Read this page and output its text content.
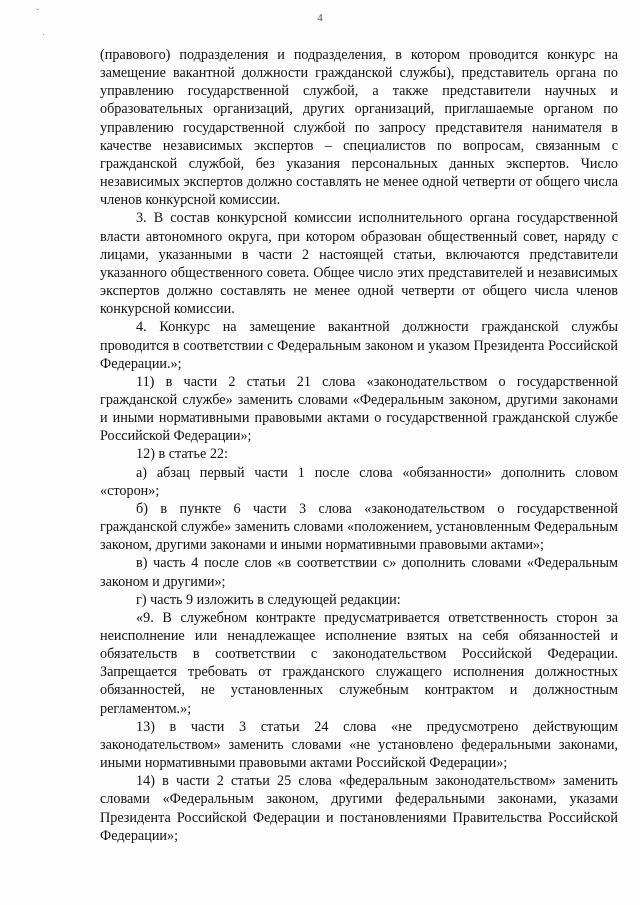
ˇ
·
4

(правового) подразделения и подразделения, в котором проводится конкурс на замещение вакантной должности гражданской службы), представитель органа по управлению государственной службой, а также представители научных и образовательных организаций, других организаций, приглашаемые органом по управлению государственной службой по запросу представителя нанимателя в качестве независимых экспертов – специалистов по вопросам, связанным с гражданской службой, без указания персональных данных экспертов. Число независимых экспертов должно составлять не менее одной четверти от общего числа членов конкурсной комиссии.

3. В состав конкурсной комиссии исполнительного органа государственной власти автономного округа, при котором образован общественный совет, наряду с лицами, указанными в части 2 настоящей статьи, включаются представители указанного общественного совета. Общее число этих представителей и независимых экспертов должно составлять не менее одной четверти от общего числа членов конкурсной комиссии.

4. Конкурс на замещение вакантной должности гражданской службы проводится в соответствии с Федеральным законом и указом Президента Российской Федерации.»;

11) в части 2 статьи 21 слова «законодательством о государственной гражданской службе» заменить словами «Федеральным законом, другими законами и иными нормативными правовыми актами о государственной гражданской службе Российской Федерации»;

12) в статье 22:

а) абзац первый части 1 после слова «обязанности» дополнить словом «сторон»;

б) в пункте 6 части 3 слова «законодательством о государственной гражданской службе» заменить словами «положением, установленным Федеральным законом, другими законами и иными нормативными правовыми актами»;

в) часть 4 после слов «в соответствии с» дополнить словами «Федеральным законом и другими»;

г) часть 9 изложить в следующей редакции:

«9. В служебном контракте предусматривается ответственность сторон за неисполнение или ненадлежащее исполнение взятых на себя обязанностей и обязательств в соответствии с законодательством Российской Федерации. Запрещается требовать от гражданского служащего исполнения должностных обязанностей, не установленных служебным контрактом и должностным регламентом.»;

13) в части 3 статьи 24 слова «не предусмотрено действующим законодательством» заменить словами «не установлено федеральными законами, иными нормативными правовыми актами Российской Федерации»;

14) в части 2 статьи 25 слова «федеральным законодательством» заменить словами «Федеральным законом, другими федеральными законами, указами Президента Российской Федерации и постановлениями Правительства Российской Федерации»;
